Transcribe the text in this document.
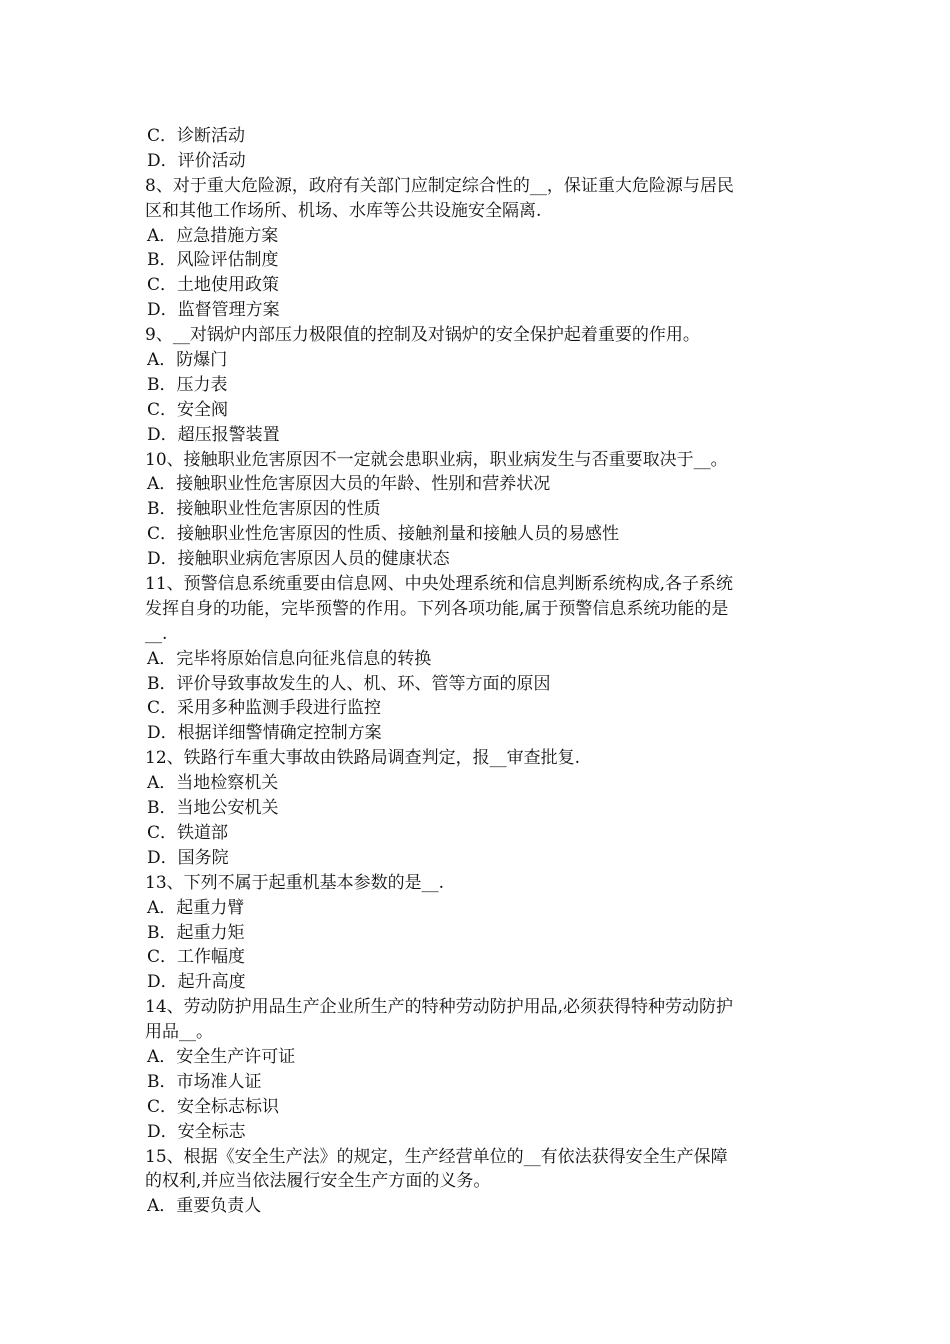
C．诊断活动
D．评价活动
8、对于重大危险源，政府有关部门应制定综合性的__，保证重大危险源与居民
区和其他工作场所、机场、水库等公共设施安全隔离.
A．应急措施方案
B．风险评估制度
C．土地使用政策
D．监督管理方案
9、__对锅炉内部压力极限值的控制及对锅炉的安全保护起着重要的作用。
A．防爆门
B．压力表
C．安全阀
D．超压报警装置
10、接触职业危害原因不一定就会患职业病，职业病发生与否重要取决于__。
A．接触职业性危害原因大员的年龄、性别和营养状况
B．接触职业性危害原因的性质
C．接触职业性危害原因的性质、接触剂量和接触人员的易感性
D．接触职业病危害原因人员的健康状态
11、预警信息系统重要由信息网、中央处理系统和信息判断系统构成,各子系统
发挥自身的功能，完毕预警的作用。下列各项功能,属于预警信息系统功能的是
__.
A．完毕将原始信息向征兆信息的转换
B．评价导致事故发生的人、机、环、管等方面的原因
C．采用多种监测手段进行监控
D．根据详细警情确定控制方案
12、铁路行车重大事故由铁路局调查判定，报__审查批复.
A．当地检察机关
B．当地公安机关
C．铁道部
D．国务院
13、下列不属于起重机基本参数的是__.
A．起重力臂
B．起重力矩
C．工作幅度
D．起升高度
14、劳动防护用品生产企业所生产的特种劳动防护用品,必须获得特种劳动防护
用品__。
A．安全生产许可证
B．市场准人证
C．安全标志标识
D．安全标志
15、根据《安全生产法》的规定，生产经营单位的__有依法获得安全生产保障
的权利,并应当依法履行安全生产方面的义务。
A．重要负责人
